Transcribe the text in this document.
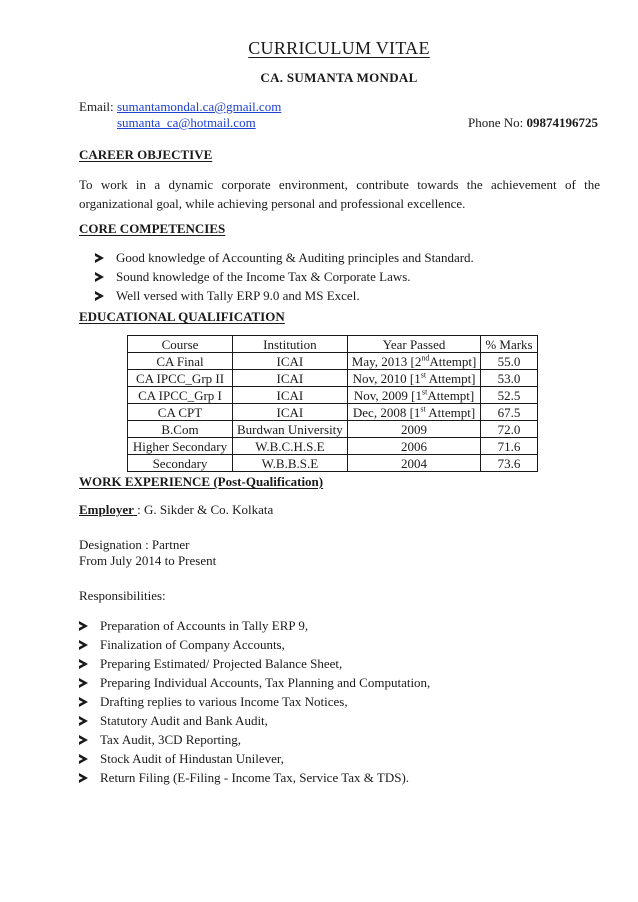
CURRICULUM VITAE
CA. SUMANTA MONDAL
Email: sumantamondal.ca@gmail.com
sumanta_ca@hotmail.com	Phone No: 09874196725
CAREER OBJECTIVE
To work in a dynamic corporate environment, contribute towards the achievement of the organizational goal, while achieving personal and professional excellence.
CORE COMPETENCIES
Good knowledge of Accounting & Auditing principles and Standard.
Sound knowledge of the Income Tax & Corporate Laws.
Well versed with Tally ERP 9.0 and MS Excel.
EDUCATIONAL QUALIFICATION
Course	Institution	Year Passed	% Marks
CA Final	ICAI	May, 2013 [2ndAttempt]	55.0
CA IPCC_Grp II	ICAI	Nov, 2010 [1st Attempt]	53.0
CA IPCC_Grp I	ICAI	Nov, 2009 [1stAttempt]	52.5
CA CPT	ICAI	Dec, 2008 [1st Attempt]	67.5
B.Com	Burdwan University	2009	72.0
Higher Secondary	W.B.C.H.S.E	2006	71.6
Secondary	W.B.B.S.E	2004	73.6
WORK EXPERIENCE (Post-Qualification)
Employer : G. Sikder & Co. Kolkata
Designation : Partner
From July 2014 to Present
Responsibilities:
Preparation of Accounts in Tally ERP 9,
Finalization of Company Accounts,
Preparing Estimated/ Projected Balance Sheet,
Preparing Individual Accounts, Tax Planning and Computation,
Drafting replies to various Income Tax Notices,
Statutory Audit and Bank Audit,
Tax Audit, 3CD Reporting,
Stock Audit of Hindustan Unilever,
Return Filing (E-Filing - Income Tax, Service Tax & TDS).
